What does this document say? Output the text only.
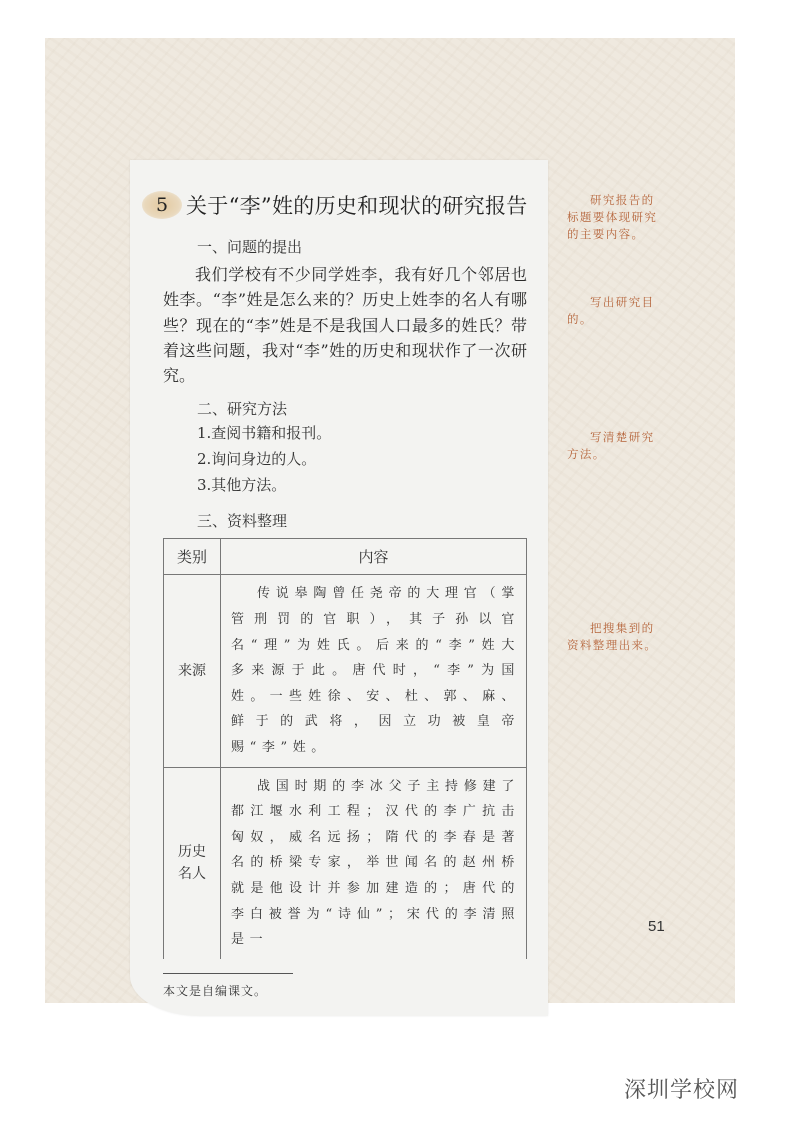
5 关于“李”姓的历史和现状的研究报告
一、问题的提出
我们学校有不少同学姓李，我有好几个邻居也姓李。“李”姓是怎么来的？历史上姓李的名人有哪些？现在的“李”姓是不是我国人口最多的姓氏？带着这些问题，我对“李”姓的历史和现状作了一次研究。
二、研究方法
1.查阅书籍和报刊。
2.询问身边的人。
3.其他方法。
三、资料整理
类别	内容
来源	传说皋陶曾任尧帝的大理官（掌管刑罚的官职），其子孙以官名“理”为姓氏。后来的“李”姓大多来源于此。唐代时，“李”为国姓。一些姓徐、安、杜、郭、麻、鲜于的武将，因立功被皇帝赐“李”姓。
历史名人	战国时期的李冰父子主持修建了都江堰水利工程；汉代的李广抗击匈奴，威名远扬；隋代的李春是著名的桥梁专家，举世闻名的赵州桥就是他设计并参加建造的；唐代的李白被誉为“诗仙”；宋代的李清照是一
本文是自编课文。
研究报告的标题要体现研究的主要内容。
写出研究目的。
写清楚研究方法。
把搜集到的资料整理出来。
51
深圳学校网
